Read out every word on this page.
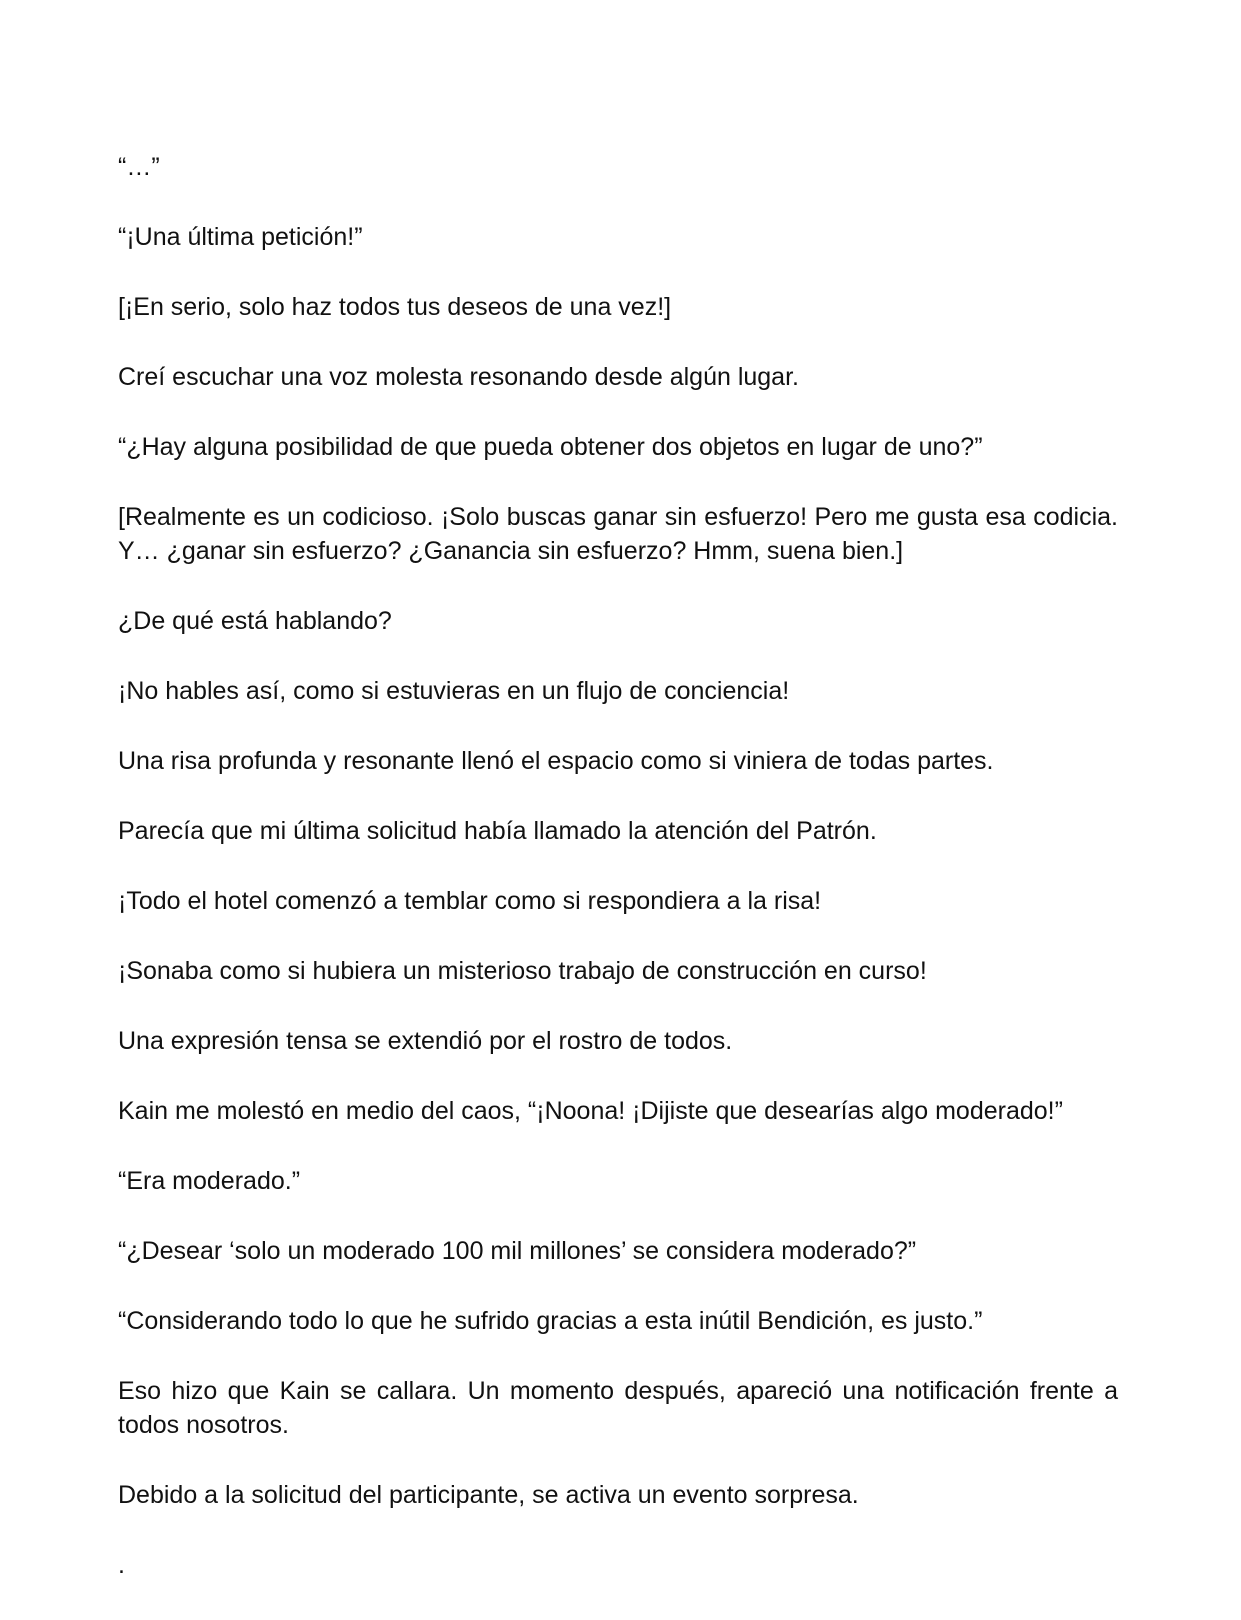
“…”

“¡Una última petición!”

[¡En serio, solo haz todos tus deseos de una vez!]

Creí escuchar una voz molesta resonando desde algún lugar.

“¿Hay alguna posibilidad de que pueda obtener dos objetos en lugar de uno?”

[Realmente es un codicioso. ¡Solo buscas ganar sin esfuerzo! Pero me gusta esa codicia. Y… ¿ganar sin esfuerzo? ¿Ganancia sin esfuerzo? Hmm, suena bien.]

¿De qué está hablando?

¡No hables así, como si estuvieras en un flujo de conciencia!

Una risa profunda y resonante llenó el espacio como si viniera de todas partes.

Parecía que mi última solicitud había llamado la atención del Patrón.

¡Todo el hotel comenzó a temblar como si respondiera a la risa!

¡Sonaba como si hubiera un misterioso trabajo de construcción en curso!

Una expresión tensa se extendió por el rostro de todos.

Kain me molestó en medio del caos, “¡Noona! ¡Dijiste que desearías algo moderado!”

“Era moderado.”

“¿Desear ‘solo un moderado 100 mil millones’ se considera moderado?”

“Considerando todo lo que he sufrido gracias a esta inútil Bendición, es justo.”

Eso hizo que Kain se callara. Un momento después, apareció una notificación frente a todos nosotros.

Debido a la solicitud del participante, se activa un evento sorpresa.

.
